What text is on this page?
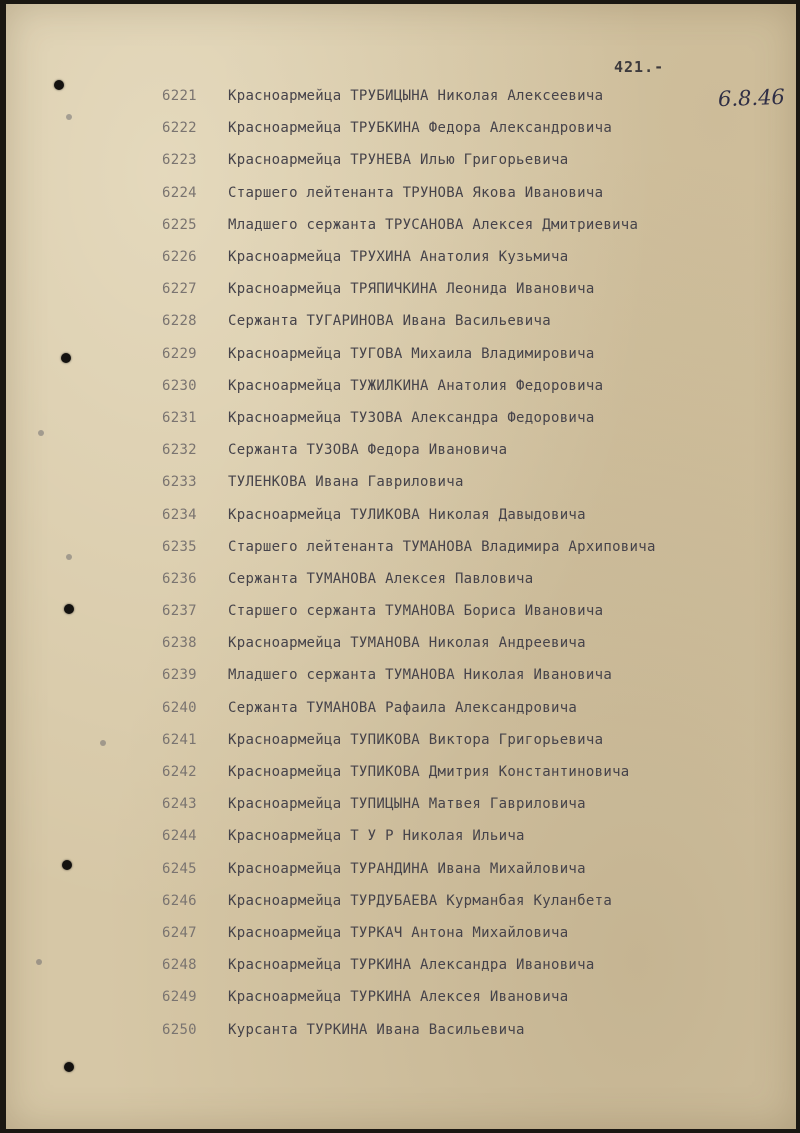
421.-
6.8.46
6221	Красноармейца ТРУБИЦЫНА Николая Алексеевича
6222	Красноармейца ТРУБКИНА Федора Александровича
6223	Красноармейца ТРУНЕВА Илью Григорьевича
6224	Старшего лейтенанта ТРУНОВА Якова Ивановича
6225	Младшего сержанта ТРУСАНОВА Алексея Дмитриевича
6226	Красноармейца ТРУХИНА Анатолия Кузьмича
6227	Красноармейца ТРЯПИЧКИНА Леонида Ивановича
6228	Сержанта ТУГАРИНОВА Ивана Васильевича
6229	Красноармейца ТУГОВА Михаила Владимировича
6230	Красноармейца ТУЖИЛКИНА Анатолия Федоровича
6231	Красноармейца ТУЗОВА Александра Федоровича
6232	Сержанта ТУЗОВА Федора Ивановича
6233	ТУЛЕНКОВА Ивана Гавриловича
6234	Красноармейца ТУЛИКОВА Николая Давыдовича
6235	Старшего лейтенанта ТУМАНОВА Владимира Архиповича
6236	Сержанта ТУМАНОВА Алексея Павловича
6237	Старшего сержанта ТУМАНОВА Бориса Ивановича
6238	Красноармейца ТУМАНОВА Николая Андреевича
6239	Младшего сержанта ТУМАНОВА Николая Ивановича
6240	Сержанта ТУМАНОВА Рафаила Александровича
6241	Красноармейца ТУПИКОВА Виктора Григорьевича
6242	Красноармейца ТУПИКОВА Дмитрия Константиновича
6243	Красноармейца ТУПИЦЫНА Матвея Гавриловича
6244	Красноармейца Т У Р Николая Ильича
6245	Красноармейца ТУРАНДИНА Ивана Михайловича
6246	Красноармейца ТУРДУБАЕВА Курманбая Куланбета
6247	Красноармейца ТУРКАЧ Антона Михайловича
6248	Красноармейца ТУРКИНА Александра Ивановича
6249	Красноармейца ТУРКИНА Алексея Ивановича
6250	Курсанта ТУРКИНА Ивана Васильевича
